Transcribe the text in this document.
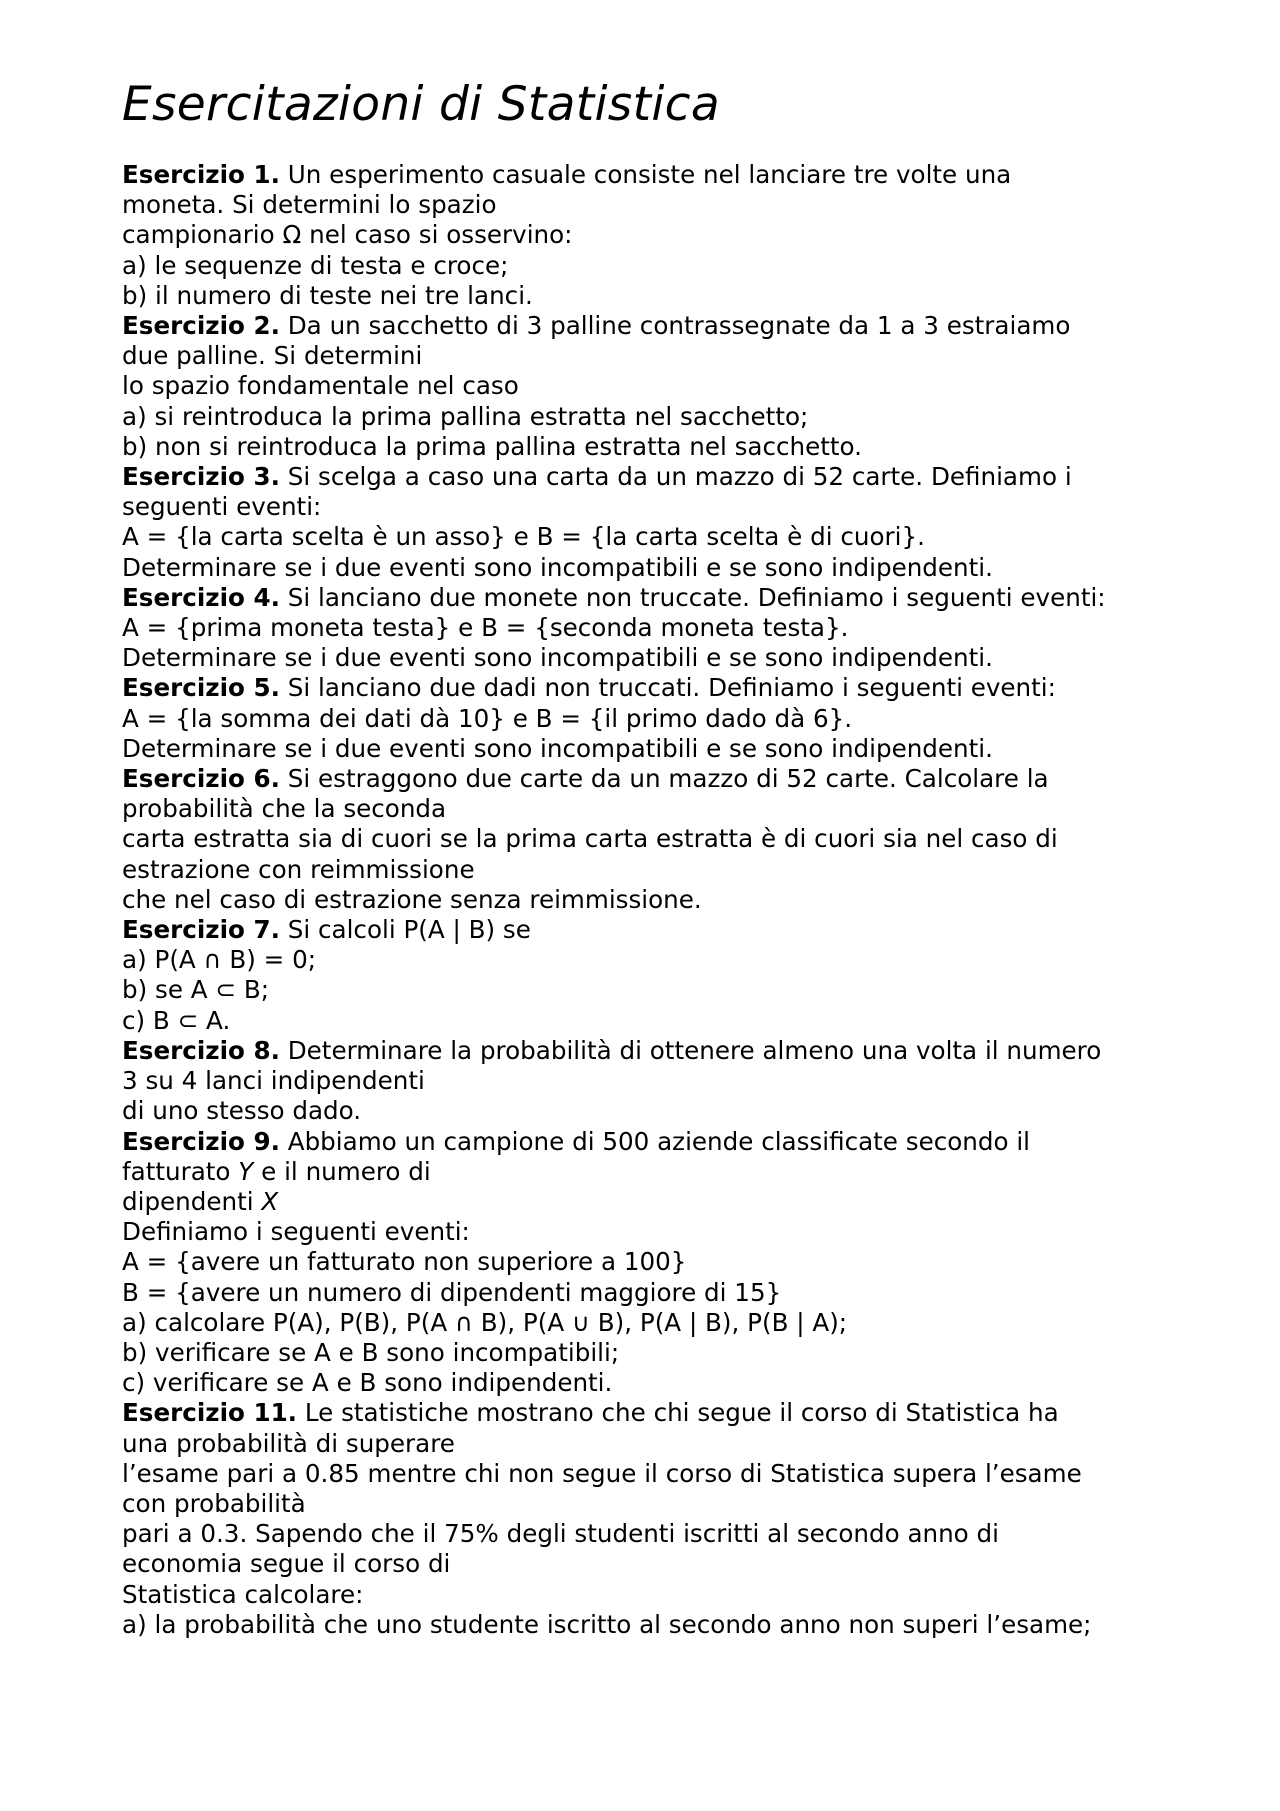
Esercitazioni di Statistica
Esercizio 1. Un esperimento casuale consiste nel lanciare tre volte una
moneta. Si determini lo spazio
campionario Ω nel caso si osservino:
a) le sequenze di testa e croce;
b) il numero di teste nei tre lanci.
Esercizio 2. Da un sacchetto di 3 palline contrassegnate da 1 a 3 estraiamo
due palline. Si determini
lo spazio fondamentale nel caso
a) si reintroduca la prima pallina estratta nel sacchetto;
b) non si reintroduca la prima pallina estratta nel sacchetto.
Esercizio 3. Si scelga a caso una carta da un mazzo di 52 carte. Definiamo i
seguenti eventi:
A = {la carta scelta è un asso} e B = {la carta scelta è di cuori}.
Determinare se i due eventi sono incompatibili e se sono indipendenti.
Esercizio 4. Si lanciano due monete non truccate. Definiamo i seguenti eventi:
A = {prima moneta testa} e B = {seconda moneta testa}.
Determinare se i due eventi sono incompatibili e se sono indipendenti.
Esercizio 5. Si lanciano due dadi non truccati. Definiamo i seguenti eventi:
A = {la somma dei dati dà 10} e B = {il primo dado dà 6}.
Determinare se i due eventi sono incompatibili e se sono indipendenti.
Esercizio 6. Si estraggono due carte da un mazzo di 52 carte. Calcolare la
probabilità che la seconda
carta estratta sia di cuori se la prima carta estratta è di cuori sia nel caso di
estrazione con reimmissione
che nel caso di estrazione senza reimmissione.
Esercizio 7. Si calcoli P(A | B) se
a) P(A ∩ B) = 0;
b) se A ⊂ B;
c) B ⊂ A.
Esercizio 8. Determinare la probabilità di ottenere almeno una volta il numero
3 su 4 lanci indipendenti
di uno stesso dado.
Esercizio 9. Abbiamo un campione di 500 aziende classificate secondo il
fatturato Y e il numero di
dipendenti X
Definiamo i seguenti eventi:
A = {avere un fatturato non superiore a 100}
B = {avere un numero di dipendenti maggiore di 15}
a) calcolare P(A), P(B), P(A ∩ B), P(A ∪ B), P(A | B), P(B | A);
b) verificare se A e B sono incompatibili;
c) verificare se A e B sono indipendenti.
Esercizio 11. Le statistiche mostrano che chi segue il corso di Statistica ha
una probabilità di superare
l’esame pari a 0.85 mentre chi non segue il corso di Statistica supera l’esame
con probabilità
pari a 0.3. Sapendo che il 75% degli studenti iscritti al secondo anno di
economia segue il corso di
Statistica calcolare:
a) la probabilità che uno studente iscritto al secondo anno non superi l’esame;
